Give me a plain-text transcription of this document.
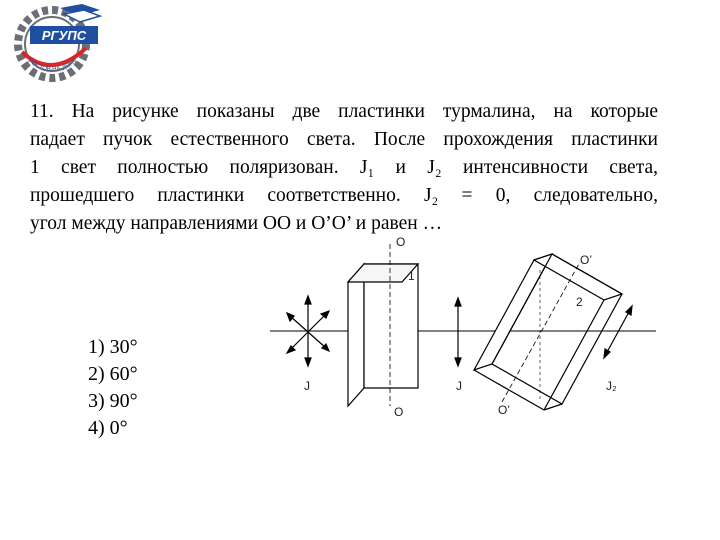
РГУПС
РОСТОВ-НА-ДОНУ
11. На рисунке показаны две пластинки турмалина, на которые
падает пучок естественного света. После прохождения пластинки
1 свет полностью поляризован. J₁ и J₂ интенсивности света,
прошедшего пластинки соответственно. J₂ = 0, следовательно,
угол между направлениями ОО и О’О’ и равен …
1) 30°
2) 60°
3) 90°
4) 0°
J
O
O
1
J
O’
O’
2
J₂
